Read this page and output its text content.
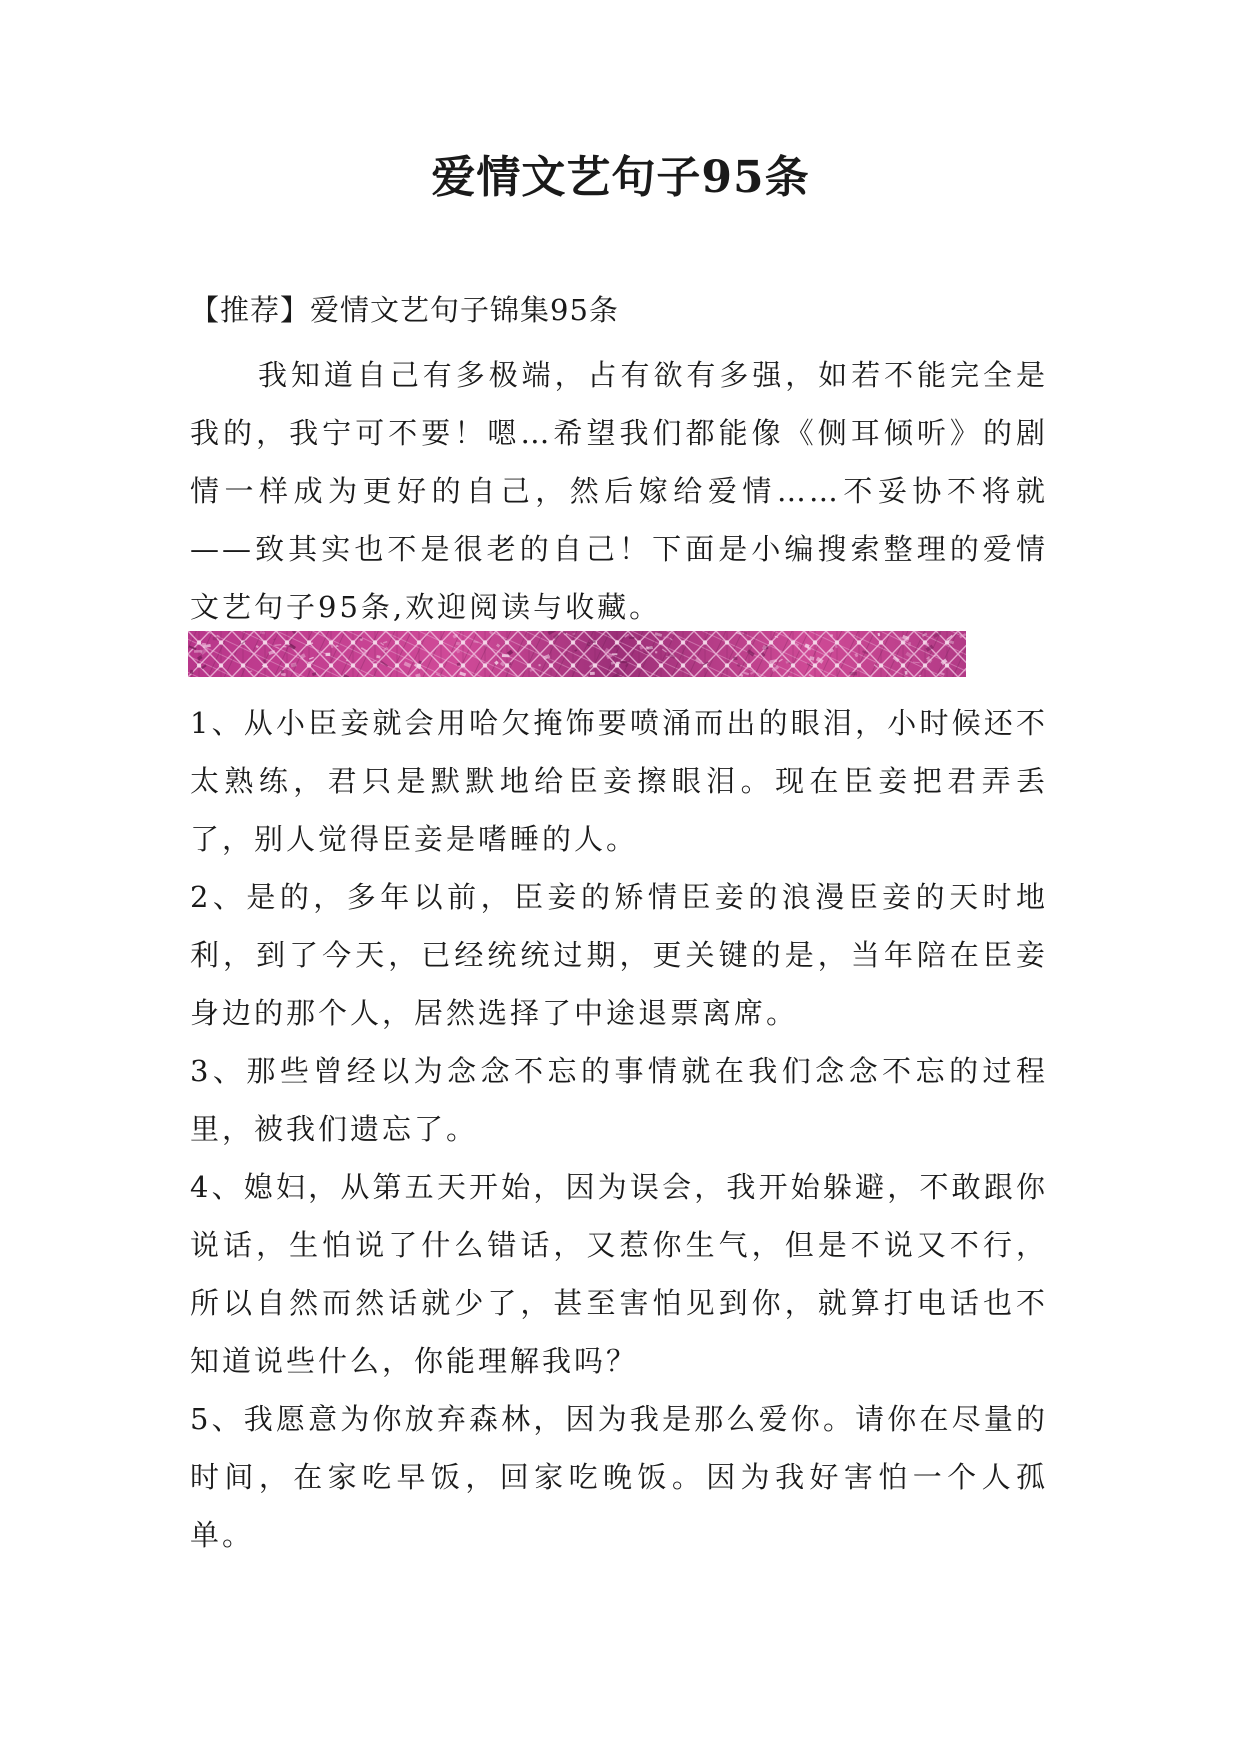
爱情文艺句子95条

【推荐】爱情文艺句子锦集95条

我知道自己有多极端，占有欲有多强，如若不能完全是我的，我宁可不要！嗯…希望我们都能像《侧耳倾听》的剧情一样成为更好的自己，然后嫁给爱情……不妥协不将就——致其实也不是很老的自己！下面是小编搜索整理的爱情文艺句子95条,欢迎阅读与收藏。

1、从小臣妾就会用哈欠掩饰要喷涌而出的眼泪，小时候还不太熟练，君只是默默地给臣妾擦眼泪。现在臣妾把君弄丢了，别人觉得臣妾是嗜睡的人。

2、是的，多年以前，臣妾的矫情臣妾的浪漫臣妾的天时地利，到了今天，已经统统过期，更关键的是，当年陪在臣妾身边的那个人，居然选择了中途退票离席。

3、那些曾经以为念念不忘的事情就在我们念念不忘的过程里，被我们遗忘了。

4、媳妇，从第五天开始，因为误会，我开始躲避，不敢跟你说话，生怕说了什么错话，又惹你生气，但是不说又不行，所以自然而然话就少了，甚至害怕见到你，就算打电话也不知道说些什么，你能理解我吗？

5、我愿意为你放弃森林，因为我是那么爱你。请你在尽量的时间，在家吃早饭，回家吃晚饭。因为我好害怕一个人孤单。
